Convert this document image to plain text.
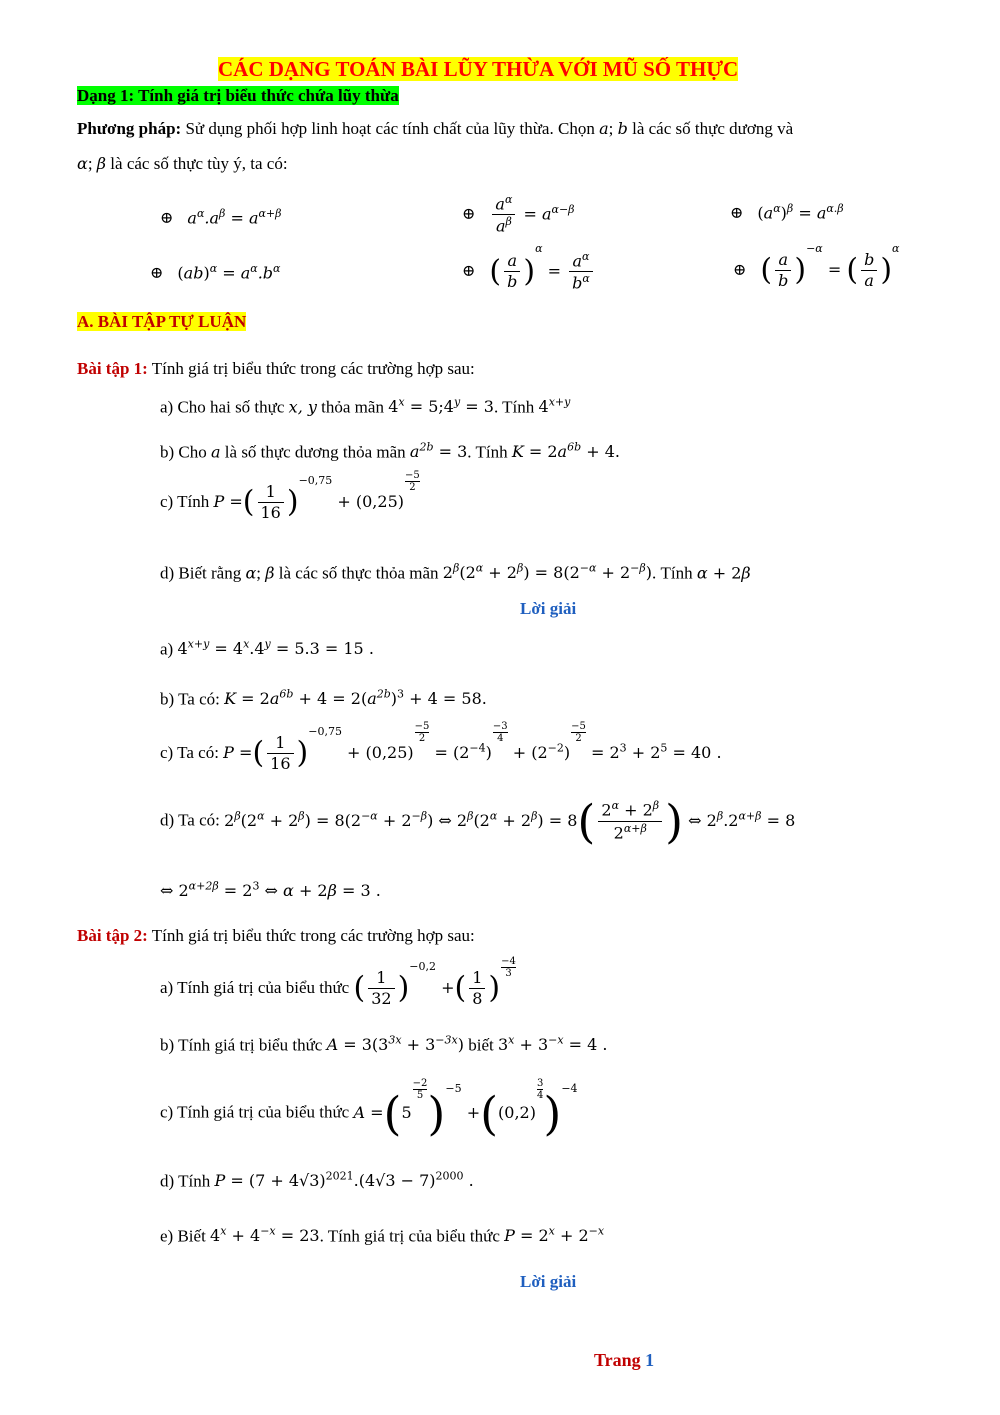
CÁC DẠNG TOÁN BÀI LŨY THỪA VỚI MŨ SỐ THỰC
Dạng 1: Tính giá trị biểu thức chứa lũy thừa
Phương pháp: Sử dụng phối hợp linh hoạt các tính chất của lũy thừa. Chọn a; b là các số thực dương và
α; β là các số thực tùy ý, ta có:
⊕ $a^\alpha.a^\beta = a^{\alpha+\beta}$	⊕ $\frac{a^\alpha}{a^\beta} = a^{\alpha-\beta}$	⊕ $(a^\alpha)^\beta = a^{\alpha.\beta}$
⊕ $(ab)^\alpha = a^\alpha.b^\alpha$	⊕ ( $\frac{a}{b} )\alpha = \frac{a^\alpha}{b^\alpha}$	⊕ ( $\frac{a}{b} )-\alpha$ = ( $\frac{b}{a} )\alpha$
A. BÀI TẬP TỰ LUẬN
Bài tập 1: Tính giá trị biểu thức trong các trường hợp sau:
a) Cho hai số thực x, y thỏa mãn $4^x$ = $5;4^y = 3$. Tính $4^{x+y}$
b) Cho a là số thực dương thỏa mãn $a^{2b} = 3$. Tính $K = 2a^{6b} + 4$.
c) Tính P =( $\frac{1}{16} )-0,75 + (0,25)$
$\frac{-5}{2}$
d) Biết rằng α; β là các số thực thỏa mãn $2^\beta(2^\alpha + 2^\beta) = 8(2^{-\alpha} + 2^{-\beta})$. Tính α + 2β
Lời giải
a) $4^{x+y} = 4^x.4^y = 5.3 = 15$ .
b) Ta có: $K = 2a^{6b} + 4 = 2(a^{2b})^3 + 4 = 58$.
c) Ta có: P =( $\frac{1}{16} )-0,75 + (0,25)$
$\frac{-5}{2}$
= $(2^{-4})$
$\frac{-3}{4}$
+ $(2^{-2})$
$\frac{-5}{2}$
= $2^3 + 2^5 = 40$ .
d) Ta có: $2^\beta(2^\alpha + 2^\beta) = 8(2^{-\alpha} + 2^{-\beta})$ ⇔ $2^\beta(2^\alpha + 2^\beta) = 8( \frac{2^\alpha + 2^\beta}{2^{\alpha+\beta}}$ ) ⇔ $2^\beta.2^{\alpha+\beta} = 8$
⇔ $2^{\alpha+2\beta} = 2^3$ ⇔ α + 2β = 3 .
Bài tập 2: Tính giá trị biểu thức trong các trường hợp sau:
a) Tính giá trị của biểu thức ( $\frac{1}{32} )-0,2$ +( $\frac{1}{8}$ )
$\frac{-4}{3}$
b) Tính giá trị biểu thức $A = 3(3^{3x} + 3^{-3x})$ biết $3^x + 3^{-x} = 4$ .
c) Tính giá trị của biểu thức A =(5
$\frac{-2}{5} )-5 +((0,2)$
$\frac{3}{4} )-4$
d) Tính $P = (7 + 4√3)^{2021}.(4√3 - 7)^{2000}$ .
e) Biết $4^x + 4^{-x} = 23$. Tính giá trị của biểu thức $P = 2^x + 2^{-x}$
Lời giải
Trang 1
